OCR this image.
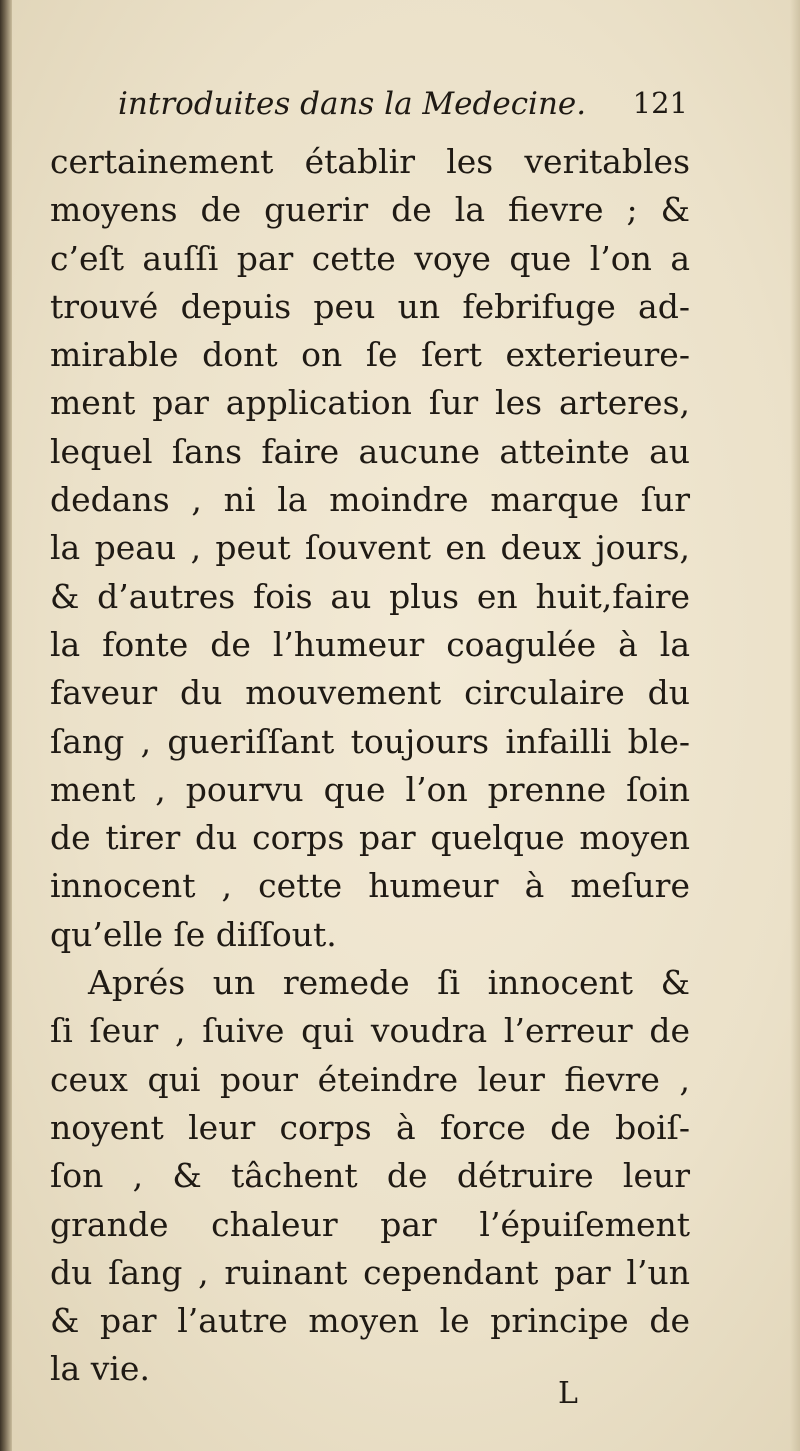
introduites dans la Medecine. 121
certainement établir les veritables
moyens de guerir de la fievre ; &
c’eſt auſſi par cette voye que l’on a
trouvé depuis peu un febrifuge ad-
mirable dont on ſe ſert exterieure-
ment par application ſur les arteres,
lequel ſans faire aucune atteinte au
dedans , ni la moindre marque ſur
la peau , peut ſouvent en deux jours,
& d’autres fois au plus en huit,faire
la fonte de l’humeur coagulée à la
faveur du mouvement circulaire du
ſang , gueriſſant toujours infailli ble-
ment , pourvu que l’on prenne ſoin
de tirer du corps par quelque moyen
innocent , cette humeur à meſure
qu’elle ſe diſſout.
Aprés un remede ſi innocent &
ſi ſeur , ſuive qui voudra l’erreur de
ceux qui pour éteindre leur fievre ,
noyent leur corps à force de boiſ-
ſon , & tâchent de détruire leur
grande chaleur par l’épuiſement
du ſang , ruinant cependant par l’un
& par l’autre moyen le principe de
la vie.
L
